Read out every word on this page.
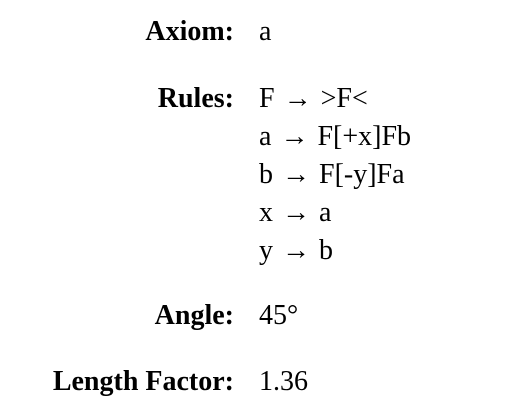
Axiom: a
Rules: F → >F<
a → F[+x]Fb
b → F[-y]Fa
x → a
y → b
Angle: 45°
Length Factor: 1.36
